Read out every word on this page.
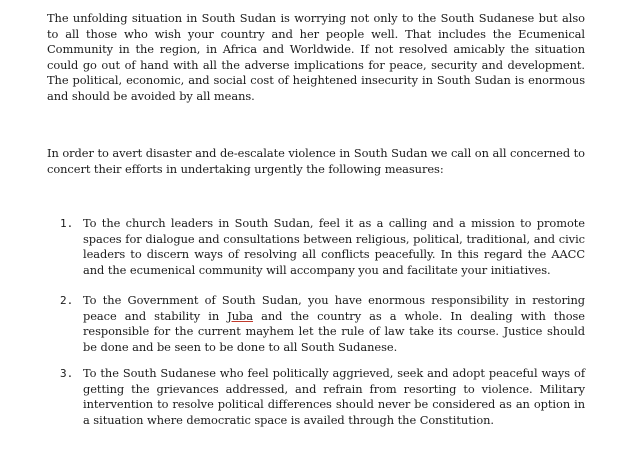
The unfolding situation in South Sudan is worrying not only to the South Sudanese but also to all those who wish your country and her people well. That includes the Ecumenical Community in the region, in Africa and Worldwide. If not resolved amicably the situation could go out of hand with all the adverse implications for peace, security and development. The political, economic, and social cost of heightened insecurity in South Sudan is enormous and should be avoided by all means.

In order to avert disaster and de-escalate violence in South Sudan we call on all concerned to concert their efforts in undertaking urgently the following measures:

1. To the church leaders in South Sudan, feel it as a calling and a mission to promote spaces for dialogue and consultations between religious, political, traditional, and civic leaders to discern ways of resolving all conflicts peacefully. In this regard the AACC and the ecumenical community will accompany you and facilitate your initiatives.

2. To the Government of South Sudan, you have enormous responsibility in restoring peace and stability in Juba and the country as a whole. In dealing with those responsible for the current mayhem let the rule of law take its course. Justice should be done and be seen to be done to all South Sudanese.

3. To the South Sudanese who feel politically aggrieved, seek and adopt peaceful ways of getting the grievances addressed, and refrain from resorting to violence. Military intervention to resolve political differences should never be considered as an option in a situation where democratic space is availed through the Constitution.
